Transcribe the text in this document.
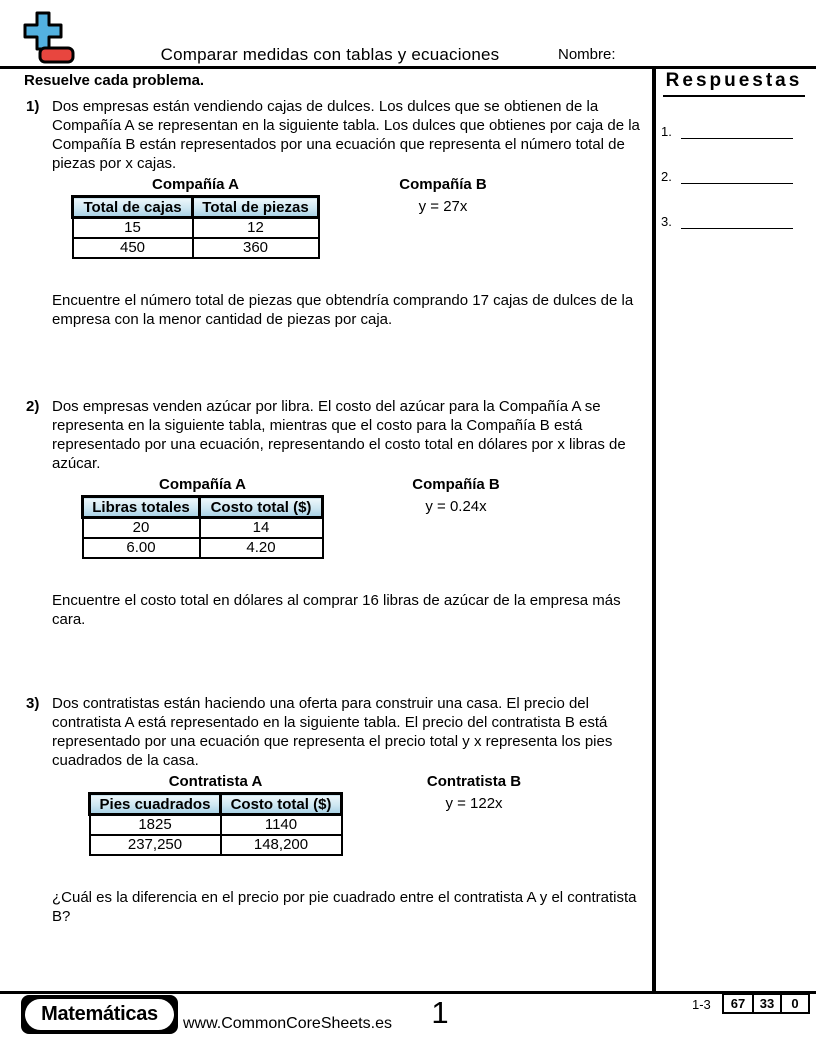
Comparar medidas con tablas y ecuaciones	Nombre:
Resuelve cada problema.	Respuestas
1.
2.
3.
1) Dos empresas están vendiendo cajas de dulces. Los dulces que se obtienen de la Compañía A se representan en la siguiente tabla. Los dulces que obtienes por caja de la Compañía B están representados por una ecuación que representa el número total de piezas por x cajas.

Compañía A
Total de cajas	Total de piezas
15	12
450	360
Compañía B
y = 27x

Encuentre el número total de piezas que obtendría comprando 17 cajas de dulces de la empresa con la menor cantidad de piezas por caja.

2) Dos empresas venden azúcar por libra. El costo del azúcar para la Compañía A se representa en la siguiente tabla, mientras que el costo para la Compañía B está representado por una ecuación, representando el costo total en dólares por x libras de azúcar.

Compañía A
Libras totales	Costo total ($)
20	14
6.00	4.20
Compañía B
y = 0.24x

Encuentre el costo total en dólares al comprar 16 libras de azúcar de la empresa más cara.

3) Dos contratistas están haciendo una oferta para construir una casa. El precio del contratista A está representado en la siguiente tabla. El precio del contratista B está representado por una ecuación que representa el precio total y x representa los pies cuadrados de la casa.

Contratista A
Pies cuadrados	Costo total ($)
1825	1140
237,250	148,200
Contratista B
y = 122x

¿Cuál es la diferencia en el precio por pie cuadrado entre el contratista A y el contratista B?

Matemáticas	www.CommonCoreSheets.es 1	1-3	67	33	0
